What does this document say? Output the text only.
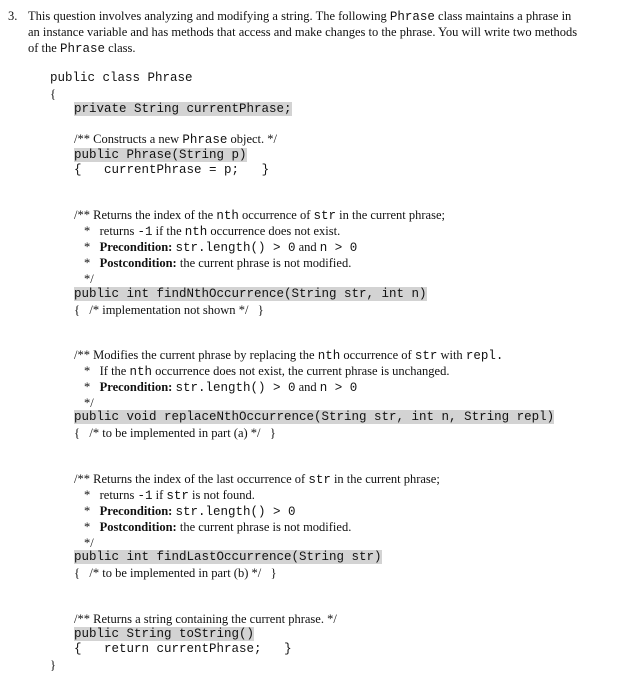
3. This question involves analyzing and modifying a string. The following Phrase class maintains a phrase in
an instance variable and has methods that access and make changes to the phrase. You will write two methods
of the Phrase class.
public class Phrase
{
private String currentPhrase;
/** Constructs a new Phrase object. */
public Phrase(String p)
{ currentPhrase = p; }
/** Returns the index of the nth occurrence of str in the current phrase;
* returns -1 if the nth occurrence does not exist.
* Precondition: str.length() > 0 and n > 0
* Postcondition: the current phrase is not modified.
*/
public int findNthOccurrence(String str, int n)
{ /* implementation not shown */ }
/** Modifies the current phrase by replacing the nth occurrence of str with repl.
* If the nth occurrence does not exist, the current phrase is unchanged.
* Precondition: str.length() > 0 and n > 0
*/
public void replaceNthOccurrence(String str, int n, String repl)
{ /* to be implemented in part (a) */ }
/** Returns the index of the last occurrence of str in the current phrase;
* returns -1 if str is not found.
* Precondition: str.length() > 0
* Postcondition: the current phrase is not modified.
*/
public int findLastOccurrence(String str)
{ /* to be implemented in part (b) */ }
/** Returns a string containing the current phrase. */
public String toString()
{ return currentPhrase; }
}
